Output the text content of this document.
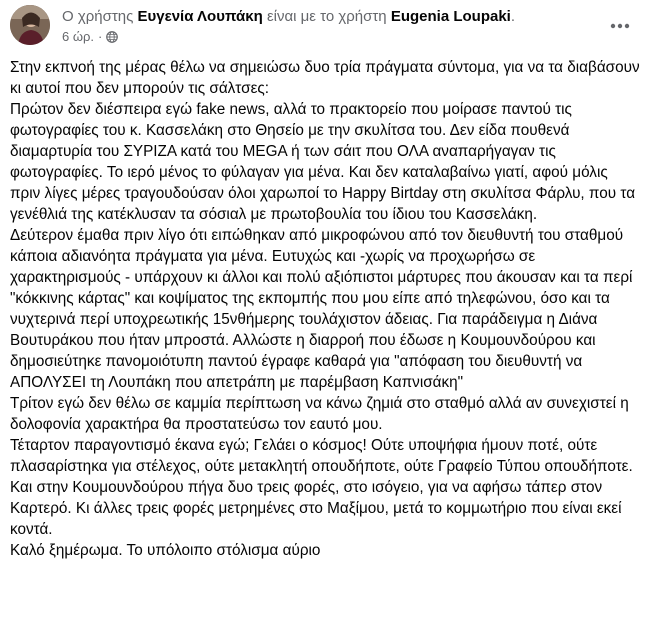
Ο χρήστης Ευγενία Λουπάκη είναι με το χρήστη Eugenia Loupaki.
6 ώρ. ·

Στην εκπνοή της μέρας θέλω να σημειώσω δυο τρία πράγματα σύντομα, για να τα διαβάσουν κι αυτοί που δεν μπορούν τις σάλτσες:

Πρώτον δεν διέσπειρα εγώ fake news, αλλά το πρακτορείο που μοίρασε παντού τις φωτογραφίες του κ. Κασσελάκη στο Θησείο με την σκυλίτσα του. Δεν είδα πουθενά διαμαρτυρία του ΣΥΡΙΖΑ κατά του MEGA ή των σάιτ που ΟΛΑ αναπαρήγαγαν τις φωτογραφίες. Το ιερό μένος το φύλαγαν για μένα. Και δεν καταλαβαίνω γιατί, αφού μόλις πριν λίγες μέρες τραγουδούσαν όλοι χαρωποί το Happy Birtday στη σκυλίτσα Φάρλυ, που τα γενέθλιά της κατέκλυσαν τα σόσιαλ με πρωτοβουλία του ίδιου του Κασσελάκη.

Δεύτερον έμαθα πριν λίγο ότι ειπώθηκαν από μικροφώνου από τον διευθυντή του σταθμού κάποια αδιανόητα πράγματα για μένα. Ευτυχώς και -χωρίς να προχωρήσω σε χαρακτηρισμούς - υπάρχουν κι άλλοι και πολύ αξιόπιστοι μάρτυρες που άκουσαν και τα περί "κόκκινης κάρτας" και κοψίματος της εκπομπής που μου είπε από τηλεφώνου, όσο και τα νυχτερινά περί υποχρεωτικής 15νθήμερης τουλάχιστον άδειας. Για παράδειγμα η Διάνα Βουτυράκου που ήταν μπροστά. Αλλώστε η διαρροή που έδωσε η Κουμουνδούρου και δημοσιεύτηκε πανομοιότυπη παντού έγραφε καθαρά για "απόφαση του διευθυντή να ΑΠΟΛΥΣΕΙ τη Λουπάκη που απετράπη με παρέμβαση Καπνισάκη"

Τρίτον εγώ δεν θέλω σε καμμία περίπτωση να κάνω ζημιά στο σταθμό αλλά αν συνεχιστεί η δολοφονία χαρακτήρα θα προστατεύσω τον εαυτό μου.

Τέταρτον παραγοντισμό έκανα εγώ; Γελάει ο κόσμος! Ούτε υποψήφια ήμουν ποτέ, ούτε πλασαρίστηκα για στέλεχος, ούτε μετακλητή οπουδήποτε, ούτε Γραφείο Τύπου οπουδήποτε. Και στην Κουμουνδούρου πήγα δυο τρεις φορές, στο ισόγειο, για να αφήσω τάπερ στον Καρτερό. Κι άλλες τρεις φορές μετρημένες στο Μαξίμου, μετά το κομμωτήριο που είναι εκεί κοντά.

Καλό ξημέρωμα. Το υπόλοιπο στόλισμα αύριο
